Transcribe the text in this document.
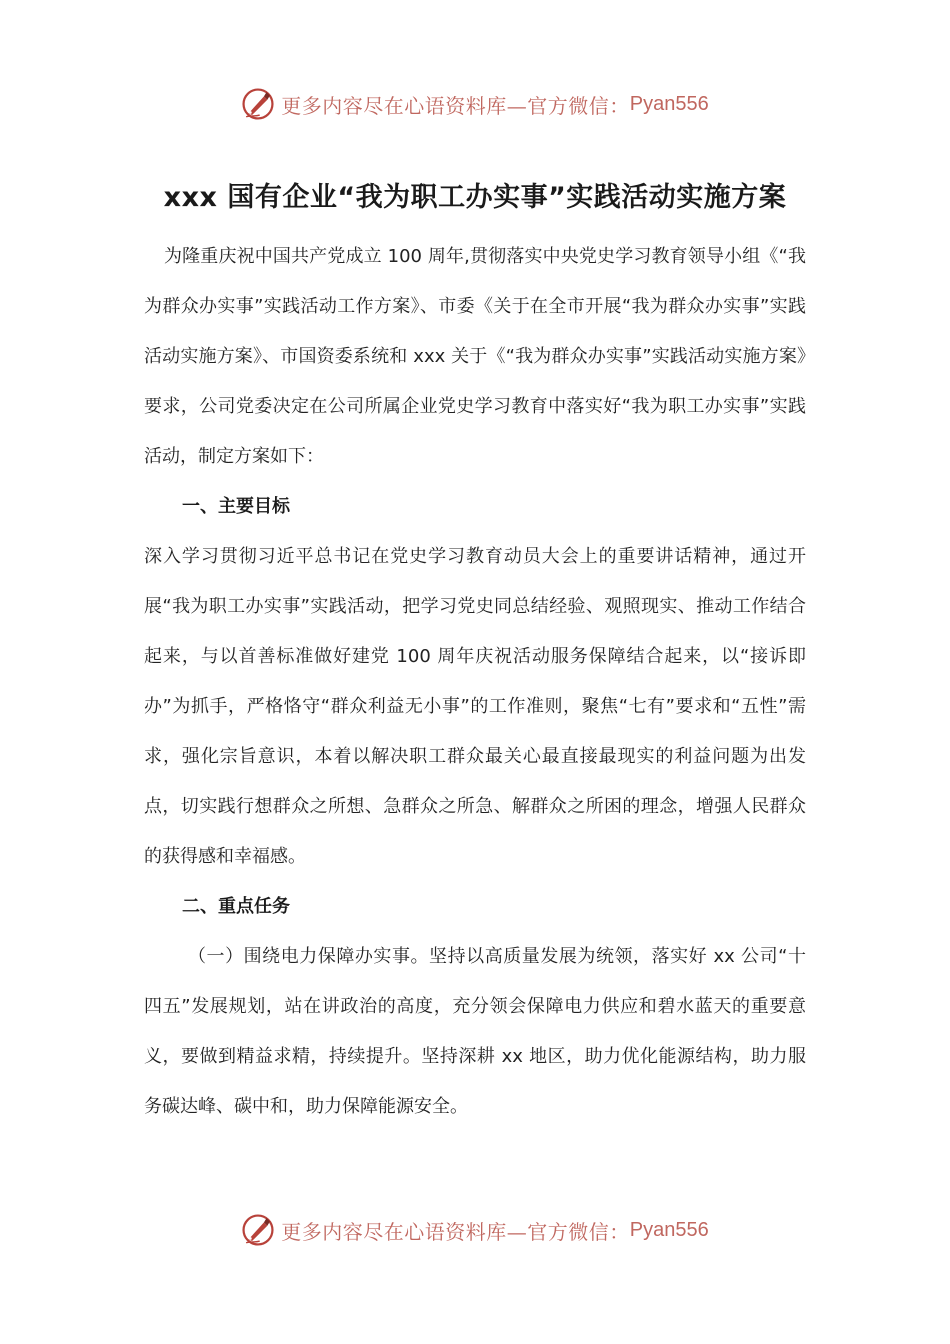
更多内容尽在心语资料库—官方微信： Pyan556
xxx 国有企业“我为职工办实事”实践活动实施方案

为隆重庆祝中国共产党成立 100 周年,贯彻落实中央党史学习教育领导小组《“我为群众办实事”实践活动工作方案》、市委《关于在全市开展“我为群众办实事”实践活动实施方案》、市国资委系统和 xxx 关于《“我为群众办实事”实践活动实施方案》要求，公司党委决定在公司所属企业党史学习教育中落实好“我为职工办实事”实践活动，制定方案如下：

一、主要目标

深入学习贯彻习近平总书记在党史学习教育动员大会上的重要讲话精神，通过开展“我为职工办实事”实践活动，把学习党史同总结经验、观照现实、推动工作结合起来，与以首善标准做好建党 100 周年庆祝活动服务保障结合起来，以“接诉即办”为抓手，严格恪守“群众利益无小事”的工作准则，聚焦“七有”要求和“五性”需求，强化宗旨意识，本着以解决职工群众最关心最直接最现实的利益问题为出发点，切实践行想群众之所想、急群众之所急、解群众之所困的理念，增强人民群众的获得感和幸福感。

二、重点任务

（一）围绕电力保障办实事。坚持以高质量发展为统领，落实好 xx 公司“十四五”发展规划，站在讲政治的高度，充分领会保障电力供应和碧水蓝天的重要意义，要做到精益求精，持续提升。坚持深耕 xx 地区，助力优化能源结构，助力服务碳达峰、碳中和，助力保障能源安全。

更多内容尽在心语资料库—官方微信： Pyan556
